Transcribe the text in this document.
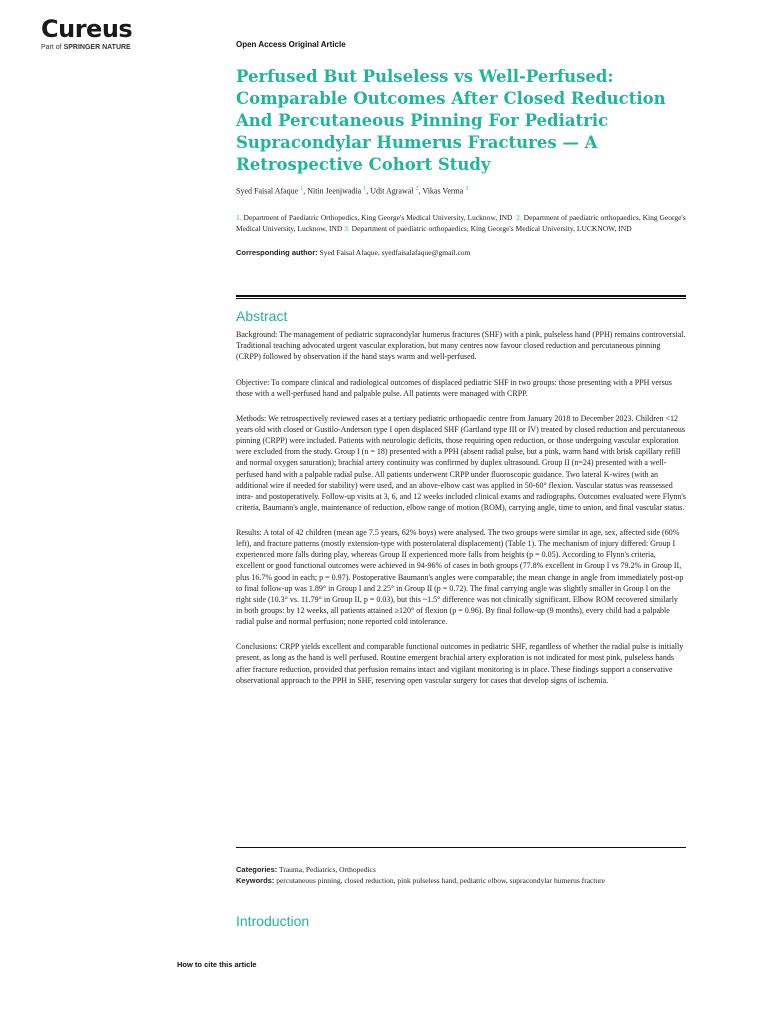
Cureus
Part of SPRINGER NATURE	Open Access Original Article
Perfused But Pulseless vs Well-Perfused: Comparable Outcomes After Closed Reduction And Percutaneous Pinning For Pediatric Supracondylar Humerus Fractures — A Retrospective Cohort Study
Syed Faisal Afaque $^1$, Nitin Jeenjwadia $^1$, Udit Agrawal $^2$, Vikas Verma $^3$
1. Department of Paediatric Orthopedics, King George's Medical University, Lucknow, IND 2. Department of paediatric orthopaedics, King George's Medical University, Lucknow, IND 3. Department of paediatric orthopaedics, King George's Medical University, LUCKNOW, IND
Corresponding author: Syed Faisal Afaque, syedfaisalafaque@gmail.com
Abstract

Background: The management of pediatric supracondylar humerus fractures (SHF) with a pink, pulseless hand (PPH) remains controversial. Traditional teaching advocated urgent vascular exploration, but many centres now favour closed reduction and percutaneous pinning (CRPP) followed by observation if the hand stays warm and well-perfused.

Objective: To compare clinical and radiological outcomes of displaced pediatric SHF in two groups: those presenting with a PPH versus those with a well-perfused hand and palpable pulse. All patients were managed with CRPP.

Methods: We retrospectively reviewed cases at a tertiary pediatric orthopaedic centre from January 2018 to December 2023. Children <12 years old with closed or Gustilo-Anderson type I open displaced SHF (Gartland type III or IV) treated by closed reduction and percutaneous pinning (CRPP) were included. Patients with neurologic deficits, those requiring open reduction, or those undergoing vascular exploration were excluded from the study. Group I (n = 18) presented with a PPH (absent radial pulse, but a pink, warm hand with brisk capillary refill and normal oxygen saturation); brachial artery continuity was confirmed by duplex ultrasound. Group II (n=24) presented with a well-perfused hand with a palpable radial pulse. All patients underwent CRPP under fluoroscopic guidance. Two lateral K-wires (with an additional wire if needed for stability) were used, and an above-elbow cast was applied in 50-60° flexion. Vascular status was reassessed intra- and postoperatively. Follow-up visits at 3, 6, and 12 weeks included clinical exams and radiographs. Outcomes evaluated were Flynn's criteria, Baumann's angle, maintenance of reduction, elbow range of motion (ROM), carrying angle, time to union, and final vascular status.

Results: A total of 42 children (mean age 7.5 years, 62% boys) were analysed. The two groups were similar in age, sex, affected side (60% left), and fracture patterns (mostly extension-type with posterolateral displacement) (Table 1). The mechanism of injury differed: Group I experienced more falls during play, whereas Group II experienced more falls from heights (p = 0.05). According to Flynn's criteria, excellent or good functional outcomes were achieved in 94-96% of cases in both groups (77.8% excellent in Group I vs 79.2% in Group II, plus 16.7% good in each; p = 0.97). Postoperative Baumann's angles were comparable; the mean change in angle from immediately post-op to final follow-up was 1.89° in Group I and 2.25° in Group II (p = 0.72). The final carrying angle was slightly smaller in Group I on the right side (10.3° vs. 11.79° in Group II, p = 0.03), but this ~1.5° difference was not clinically significant. Elbow ROM recovered similarly in both groups: by 12 weeks, all patients attained ≥120° of flexion (p = 0.96). By final follow-up (9 months), every child had a palpable radial pulse and normal perfusion; none reported cold intolerance.

Conclusions: CRPP yields excellent and comparable functional outcomes in pediatric SHF, regardless of whether the radial pulse is initially present, as long as the hand is well perfused. Routine emergent brachial artery exploration is not indicated for most pink, pulseless hands after fracture reduction, provided that perfusion remains intact and vigilant monitoring is in place. These findings support a conservative observational approach to the PPH in SHF, reserving open vascular surgery for cases that develop signs of ischemia.

Categories: Trauma, Pediatrics, Orthopedics
Keywords: percutaneous pinning, closed reduction, pink pulseless hand, pediatric elbow, supracondylar humerus fracture
Introduction
How to cite this article
